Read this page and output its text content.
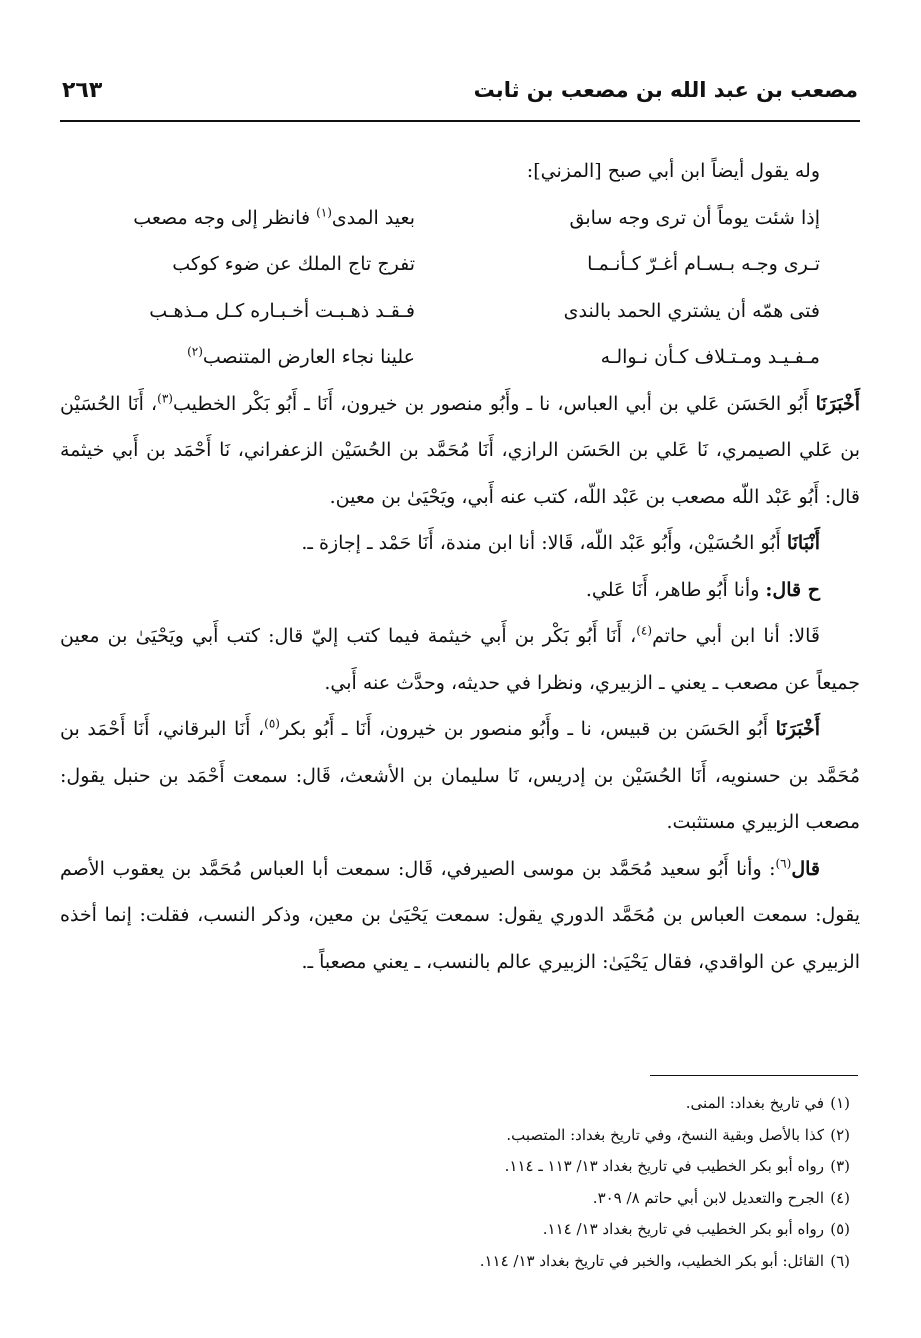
مصعب بن عبد الله بن مصعب بن ثابت
٢٦٣

وله يقول أيضاً ابن أبي صبح [المزني]:

إذا شئت يوماً أن ترى وجه سابق
بعيد المدى$^{(١)}$ فانظر إلى وجه مصعب
تـرى وجـه بـسـام أغـرّ كـأنـمـا
تفرج تاج الملك عن ضوء كوكب
فتى همّه أن يشتري الحمد بالندى
فـقـد ذهـبـت أخـبـاره كـل مـذهـب
مـفـيـد ومـتـلاف كـأن نـوالـه
علينا نجاء العارض المتنصب$^{(٢)}$

أَخْبَرَنَا أَبُو الحَسَن عَلي بن أبي العباس، نا ـ وأَبُو منصور بن خيرون، أَنَا ـ أَبُو بَكْر الخطيب$^{(٣)}$، أَنَا الحُسَيْن بن عَلي الصيمري، نَا عَلي بن الحَسَن الرازي، أَنَا مُحَمَّد بن الحُسَيْن الزعفراني، نَا أَحْمَد بن أَبي خيثمة قال: أَبُو عَبْد اللّه مصعب بن عَبْد اللّه، كتب عنه أَبي، ويَحْيَىٰ بن معين.

أَنْبَانَا أَبُو الحُسَيْن، وأَبُو عَبْد اللّه، قَالا: أنا ابن مندة، أَنَا حَمْد ـ إجازة ـ.

ح قال: وأنا أَبُو طاهر، أَنَا عَلي.

قَالا: أنا ابن أبي حاتم$^{(٤)}$، أَنَا أَبُو بَكْر بن أَبي خيثمة فيما كتب إليّ قال: كتب أَبي ويَحْيَىٰ بن معين جميعاً عن مصعب ـ يعني ـ الزبيري، ونظرا في حديثه، وحدَّث عنه أَبي.

أَخْبَرَنَا أَبُو الحَسَن بن قبيس، نا ـ وأَبُو منصور بن خيرون، أَنَا ـ أَبُو بكر$^{(٥)}$، أَنَا البرقاني، أَنَا أَحْمَد بن مُحَمَّد بن حسنويه، أَنَا الحُسَيْن بن إدريس، نَا سليمان بن الأشعث، قَال: سمعت أَحْمَد بن حنبل يقول: مصعب الزبيري مستثبت.

قال$^{(٦)}$: وأنا أَبُو سعيد مُحَمَّد بن موسى الصيرفي، قَال: سمعت أبا العباس مُحَمَّد بن يعقوب الأصم يقول: سمعت العباس بن مُحَمَّد الدوري يقول: سمعت يَحْيَىٰ بن معين، وذكر النسب، فقلت: إنما أخذه الزبيري عن الواقدي، فقال يَحْيَىٰ: الزبيري عالم بالنسب، ـ يعني مصعباً ـ.

(١)في تاريخ بغداد: المنى.
(٢)كذا بالأصل وبقية النسخ، وفي تاريخ بغداد: المتصبب.
(٣)رواه أبو بكر الخطيب في تاريخ بغداد ١٣/ ١١٣ ـ ١١٤.
(٤)الجرح والتعديل لابن أبي حاتم ٨/ ٣٠٩.
(٥)رواه أبو بكر الخطيب في تاريخ بغداد ١٣/ ١١٤.
(٦)القائل: أبو بكر الخطيب، والخبر في تاريخ بغداد ١٣/ ١١٤.
